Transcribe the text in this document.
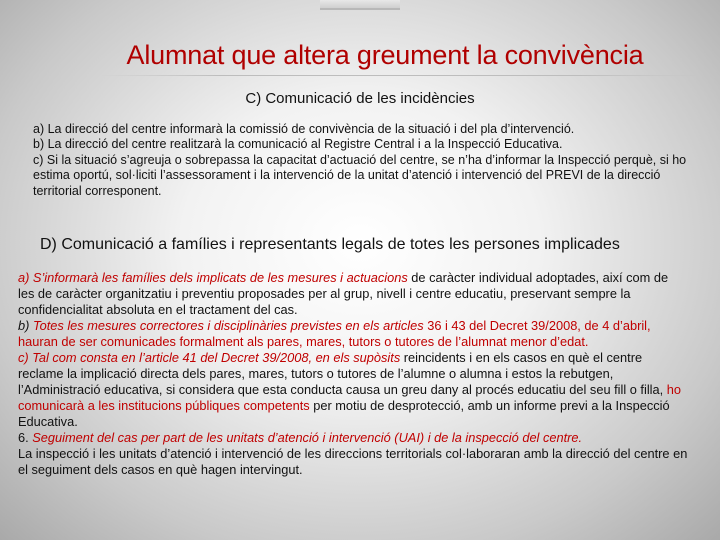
Alumnat que altera greument la convivència
C) Comunicació de les incidències

a) La direcció del centre informarà la comissió de convivència de la situació i del pla d’intervenció.

b) La direcció del centre realitzarà la comunicació al Registre Central i a la Inspecció Educativa.

c) Si la situació s’agreuja o sobrepassa la capacitat d’actuació del centre, se n’ha d’informar la Inspecció perquè, si ho estima oportú, sol·liciti l’assessorament i la intervenció de la unitat d’atenció i intervenció del PREVI de la direcció territorial corresponent.

D) Comunicació a famílies i representants legals de totes les persones implicades

a) S’informarà les famílies dels implicats de les mesures i actuacions de caràcter individual adoptades, així com de les de caràcter organitzatiu i preventiu proposades per al grup, nivell i centre educatiu, preservant sempre la confidencialitat absoluta en el tractament del cas.

b) Totes les mesures correctores i disciplinàries previstes en els articles 36 i 43 del Decret 39/2008, de 4 d’abril, hauran de ser comunicades formalment als pares, mares, tutors o tutores de l’alumnat menor d’edat.

c) Tal com consta en l’article 41 del Decret 39/2008, en els supòsits reincidents i en els casos en què el centre reclame la implicació directa dels pares, mares, tutors o tutores de l’alumne o alumna i estos la rebutgen, l’Administració educativa, si considera que esta conducta causa un greu dany al procés educatiu del seu fill o filla, ho comunicarà a les institucions públiques competents per motiu de desprotecció, amb un informe previ a la Inspecció Educativa.

6. Seguiment del cas per part de les unitats d’atenció i intervenció (UAI) i de la inspecció del centre.

La inspecció i les unitats d’atenció i intervenció de les direccions territorials col·laboraran amb la direcció del centre en el seguiment dels casos en què hagen intervingut.
